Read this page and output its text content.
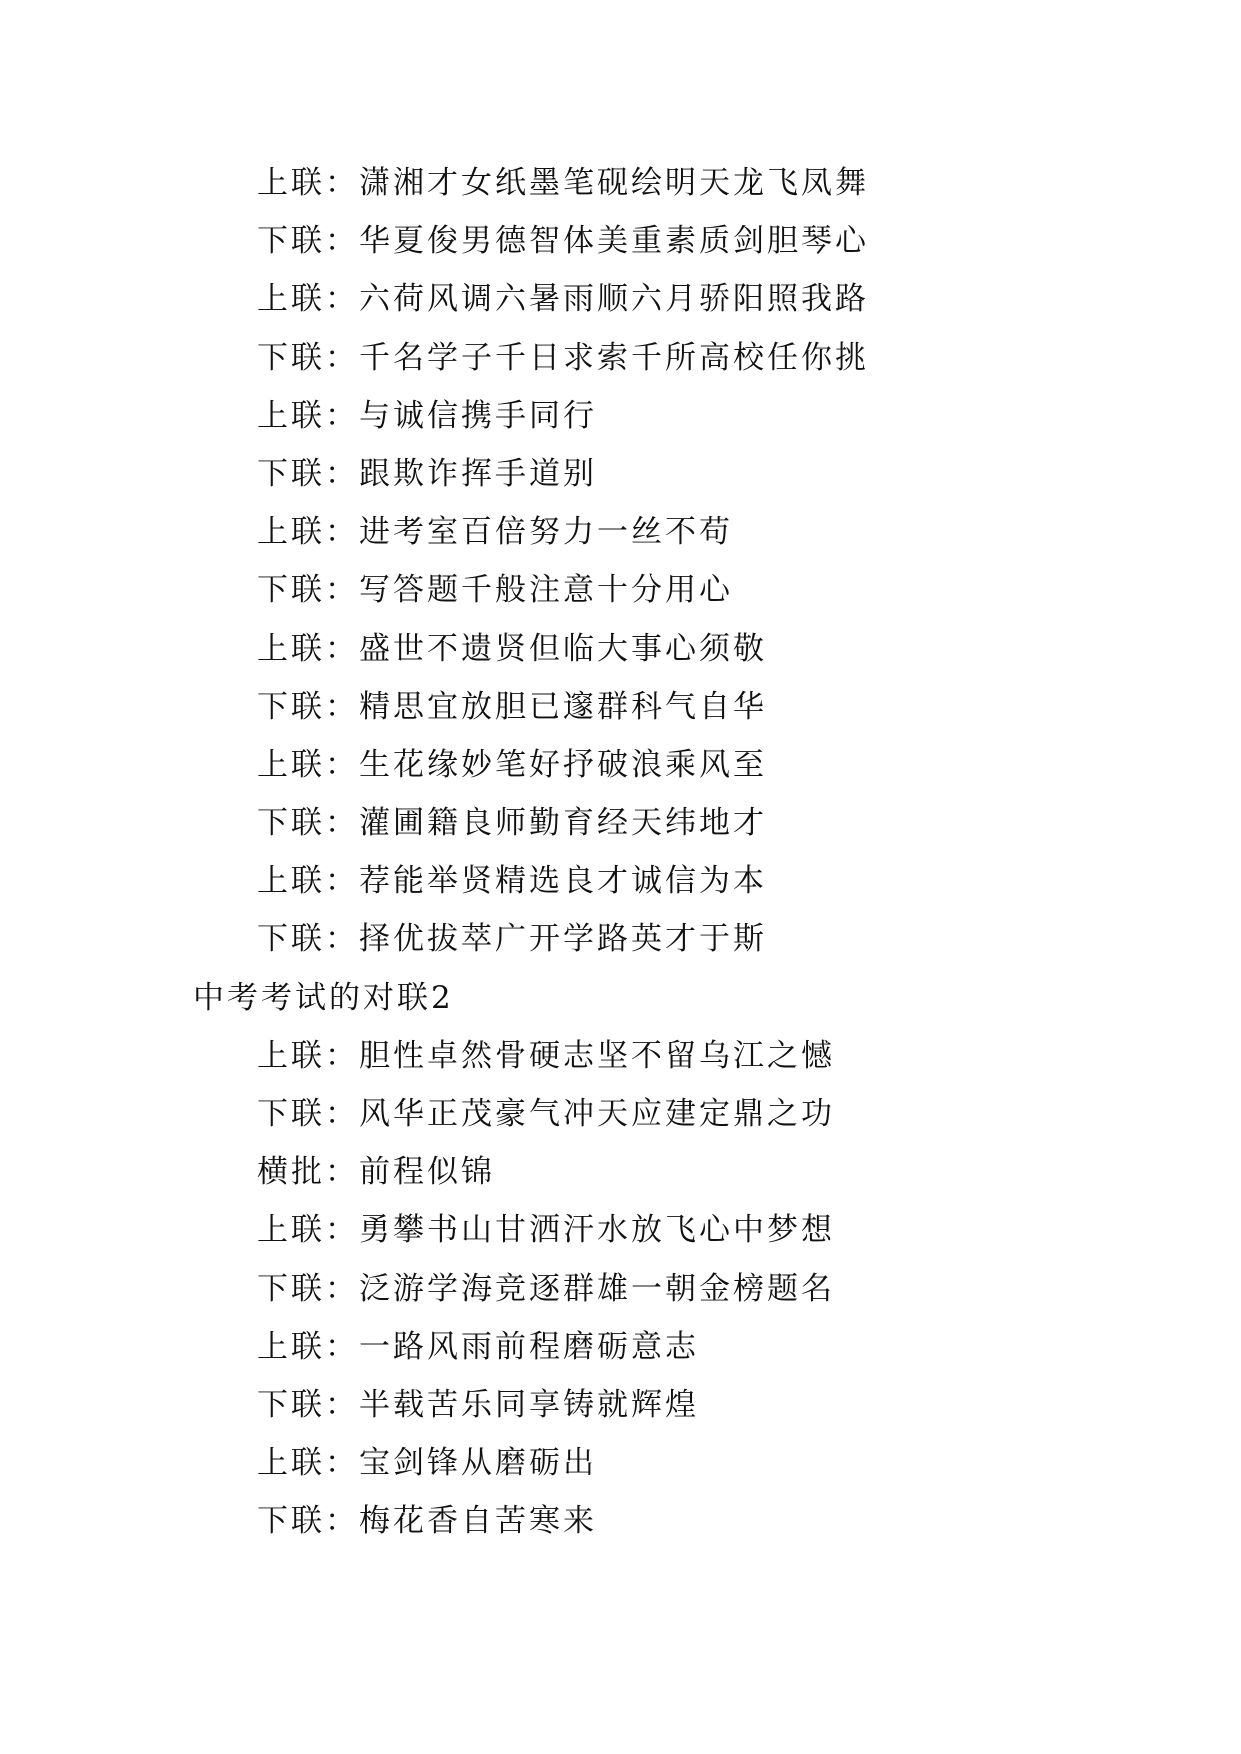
上联：潇湘才女纸墨笔砚绘明天龙飞凤舞
下联：华夏俊男德智体美重素质剑胆琴心
上联：六荷风调六暑雨顺六月骄阳照我路
下联：千名学子千日求索千所高校任你挑
上联：与诚信携手同行
下联：跟欺诈挥手道别
上联：进考室百倍努力一丝不苟
下联：写答题千般注意十分用心
上联：盛世不遗贤但临大事心须敬
下联：精思宜放胆已邃群科气自华
上联：生花缘妙笔好抒破浪乘风至
下联：灌圃籍良师勤育经天纬地才
上联：荐能举贤精选良才诚信为本
下联：择优拔萃广开学路英才于斯
中考考试的对联2
上联：胆性卓然骨硬志坚不留乌江之憾
下联：风华正茂豪气冲天应建定鼎之功
横批：前程似锦
上联：勇攀书山甘洒汗水放飞心中梦想
下联：泛游学海竞逐群雄一朝金榜题名
上联：一路风雨前程磨砺意志
下联：半载苦乐同享铸就辉煌
上联：宝剑锋从磨砺出
下联：梅花香自苦寒来
